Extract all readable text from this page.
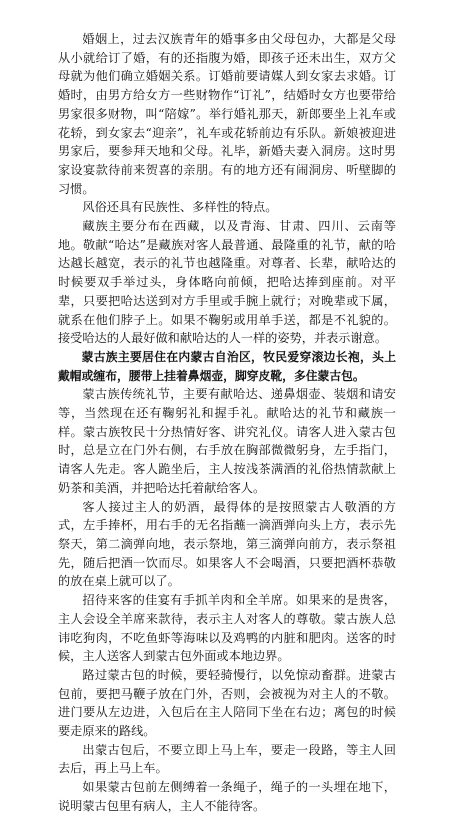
婚姻上，过去汉族青年的婚事多由父母包办，大都是父母从小就给订了婚，有的还指腹为婚，即孩子还未出生，双方父母就为他们确立婚姻关系。订婚前要请媒人到女家去求婚。订婚时，由男方给女方一些财物作“订礼”，结婚时女方也要带给男家很多财物，叫“陪嫁”。举行婚礼那天，新郎要坐上礼车或花轿，到女家去“迎亲”，礼车或花轿前边有乐队。新娘被迎进男家后，要参拜天地和父母。礼毕，新婚夫妻入洞房。这时男家设宴款待前来贺喜的亲朋。有的地方还有闹洞房、听壁脚的习惯。

风俗还具有民族性、多样性的特点。

藏族主要分布在西藏，以及青海、甘肃、四川、云南等地。敬献“哈达”是藏族对客人最普通、最隆重的礼节，献的哈达越长越宽，表示的礼节也越隆重。对尊者、长辈，献哈达的时候要双手举过头，身体略向前倾，把哈达捧到座前。对平辈，只要把哈达送到对方手里或手腕上就行；对晚辈或下属，就系在他们脖子上。如果不鞠躬或用单手送，都是不礼貌的。接受哈达的人最好做和献哈达的人一样的姿势，并表示谢意。

蒙古族主要居住在内蒙古自治区，牧民爱穿滚边长袍，头上戴帽或缠布，腰带上挂着鼻烟壶，脚穿皮靴，多住蒙古包。

蒙古族传统礼节，主要有献哈达、递鼻烟壶、装烟和请安等，当然现在还有鞠躬礼和握手礼。献哈达的礼节和藏族一样。蒙古族牧民十分热情好客、讲究礼仪。请客人进入蒙古包时，总是立在门外右侧，右手放在胸部微微躬身，左手指门，请客人先走。客人跪坐后，主人按浅茶满酒的礼俗热情款献上奶茶和美酒，并把哈达托着献给客人。

客人接过主人的奶酒，最得体的是按照蒙古人敬酒的方式，左手捧杯，用右手的无名指蘸一滴酒弹向头上方，表示先祭天，第二滴弹向地，表示祭地，第三滴弹向前方，表示祭祖先，随后把酒一饮而尽。如果客人不会喝酒，只要把酒杯恭敬的放在桌上就可以了。

招待来客的佳宴有手抓羊肉和全羊席。如果来的是贵客，主人会设全羊席来款待，表示主人对客人的尊敬。蒙古族人总讳吃狗肉，不吃鱼虾等海味以及鸡鸭的内脏和肥肉。送客的时候，主人送客人到蒙古包外面或本地边界。

路过蒙古包的时候，要轻骑慢行，以免惊动畜群。进蒙古包前，要把马鞭子放在门外，否则，会被视为对主人的不敬。进门要从左边进，入包后在主人陪同下坐在右边；离包的时候要走原来的路线。

出蒙古包后，不要立即上马上车，要走一段路，等主人回去后，再上马上车。

如果蒙古包前左侧缚着一条绳子，绳子的一头埋在地下，说明蒙古包里有病人，主人不能待客。
